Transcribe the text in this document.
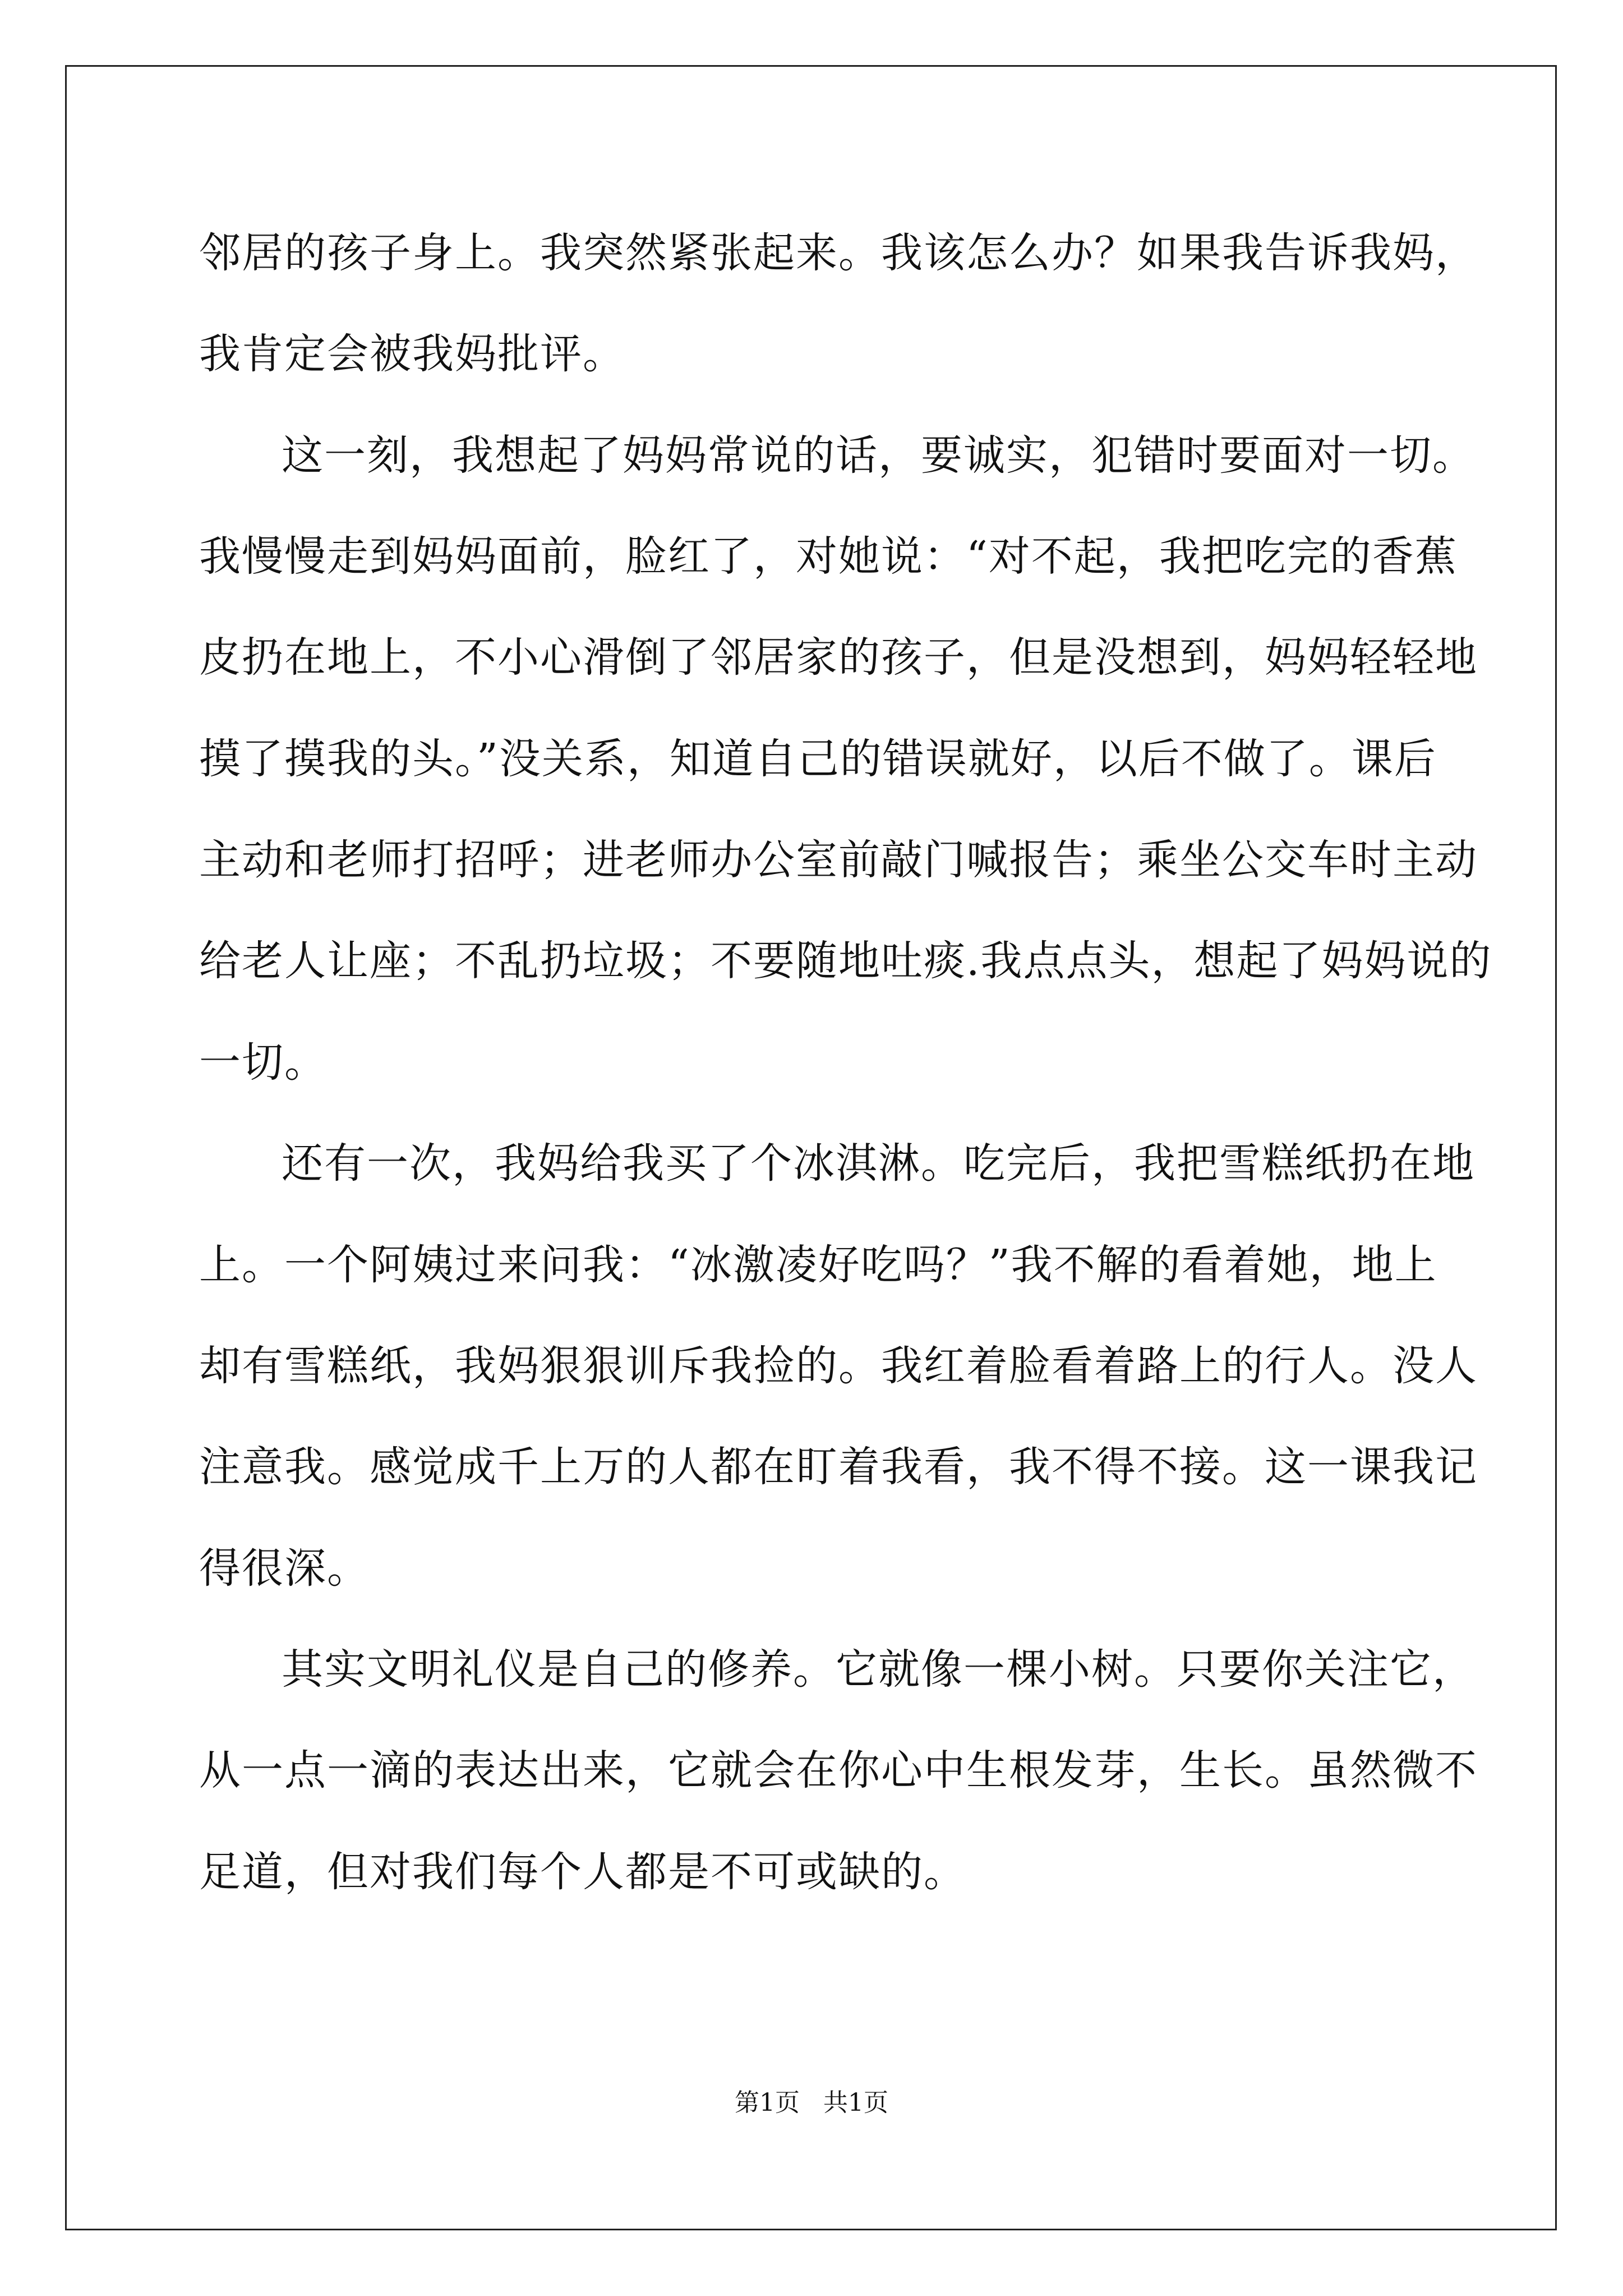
邻居的孩子身上。我突然紧张起来。我该怎么办？如果我告诉我妈，
我肯定会被我妈批评。
这一刻，我想起了妈妈常说的话，要诚实，犯错时要面对一切。
我慢慢走到妈妈面前，脸红了，对她说：“对不起，我把吃完的香蕉
皮扔在地上，不小心滑倒了邻居家的孩子，但是没想到，妈妈轻轻地
摸了摸我的头。”没关系，知道自己的错误就好，以后不做了。课后
主动和老师打招呼；进老师办公室前敲门喊报告；乘坐公交车时主动
给老人让座；不乱扔垃圾；不要随地吐痰.我点点头，想起了妈妈说的
一切。
还有一次，我妈给我买了个冰淇淋。吃完后，我把雪糕纸扔在地
上。一个阿姨过来问我：“冰激凌好吃吗？”我不解的看着她，地上
却有雪糕纸，我妈狠狠训斥我捡的。我红着脸看着路上的行人。没人
注意我。感觉成千上万的人都在盯着我看，我不得不接。这一课我记
得很深。
其实文明礼仪是自己的修养。它就像一棵小树。只要你关注它，
从一点一滴的表达出来，它就会在你心中生根发芽，生长。虽然微不
足道，但对我们每个人都是不可或缺的。
第1页   共1页
